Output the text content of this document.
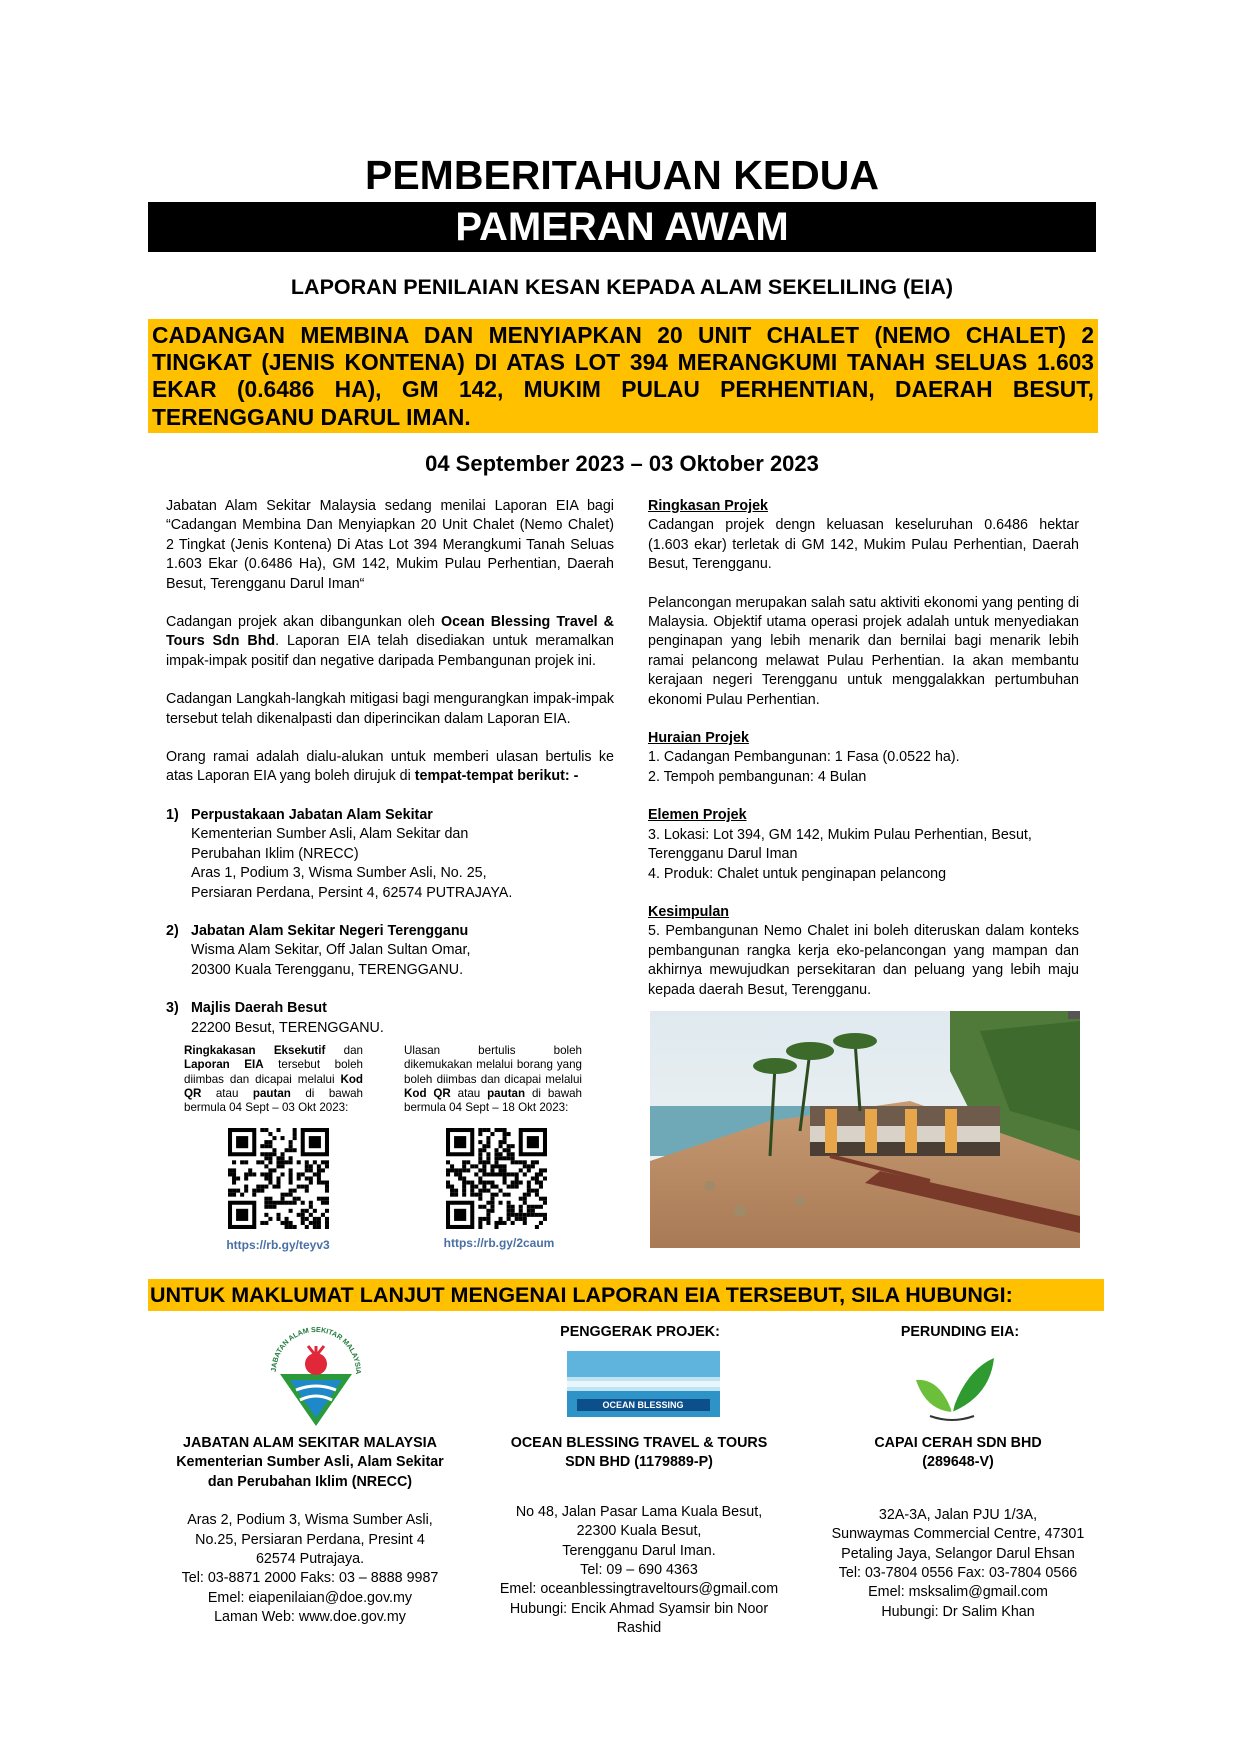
PEMBERITAHUAN KEDUA
PAMERAN AWAM
LAPORAN PENILAIAN KESAN KEPADA ALAM SEKELILING (EIA)
CADANGAN MEMBINA DAN MENYIAPKAN 20 UNIT CHALET (NEMO CHALET) 2 TINGKAT (JENIS KONTENA) DI ATAS LOT 394 MERANGKUMI TANAH SELUAS 1.603 EKAR (0.6486 HA), GM 142, MUKIM PULAU PERHENTIAN, DAERAH BESUT, TERENGGANU DARUL IMAN.
04 September 2023 – 03 Oktober 2023

Jabatan Alam Sekitar Malaysia sedang menilai Laporan EIA bagi “Cadangan Membina Dan Menyiapkan 20 Unit Chalet (Nemo Chalet) 2 Tingkat (Jenis Kontena) Di Atas Lot 394 Merangkumi Tanah Seluas 1.603 Ekar (0.6486 Ha), GM 142, Mukim Pulau Perhentian, Daerah Besut, Terengganu Darul Iman“

Cadangan projek akan dibangunkan oleh Ocean Blessing Travel & Tours Sdn Bhd. Laporan EIA telah disediakan untuk meramalkan impak-impak positif dan negative daripada Pembangunan projek ini.

Cadangan Langkah-langkah mitigasi bagi mengurangkan impak-impak tersebut telah dikenalpasti dan diperincikan dalam Laporan EIA.

Orang ramai adalah dialu-alukan untuk memberi ulasan bertulis ke atas Laporan EIA yang boleh dirujuk di tempat-tempat berikut: -

1) Perpustakaan Jabatan Alam Sekitar
Kementerian Sumber Asli, Alam Sekitar dan
Perubahan Iklim (NRECC)
Aras 1, Podium 3, Wisma Sumber Asli, No. 25,
Persiaran Perdana, Persint 4, 62574 PUTRAJAYA.
2) Jabatan Alam Sekitar Negeri Terengganu
Wisma Alam Sekitar, Off Jalan Sultan Omar,
20300 Kuala Terengganu, TERENGGANU.
3) Majlis Daerah Besut
22200 Besut, TERENGGANU.
Ringkakasan Eksekutif dan Laporan EIA tersebut boleh diimbas dan dicapai melalui Kod QR atau pautan di bawah bermula 04 Sept – 03 Okt 2023:
Ulasan bertulis boleh dikemukakan melalui borang yang boleh diimbas dan dicapai melalui Kod QR atau pautan di bawah bermula 04 Sept – 18 Okt 2023:
https://rb.gy/teyv3	https://rb.gy/2caum
Ringkasan Projek

Cadangan projek dengn keluasan keseluruhan 0.6486 hektar (1.603 ekar) terletak di GM 142, Mukim Pulau Perhentian, Daerah Besut, Terengganu.

Pelancongan merupakan salah satu aktiviti ekonomi yang penting di Malaysia. Objektif utama operasi projek adalah untuk menyediakan penginapan yang lebih menarik dan bernilai bagi menarik lebih ramai pelancong melawat Pulau Perhentian. Ia akan membantu kerajaan negeri Terengganu untuk menggalakkan pertumbuhan ekonomi Pulau Perhentian.
Huraian Projek
1. Cadangan Pembangunan: 1 Fasa (0.0522 ha).
2. Tempoh pembangunan: 4 Bulan
Elemen Projek
3. Lokasi: Lot 394, GM 142, Mukim Pulau Perhentian, Besut,
Terengganu Darul Iman
4. Produk: Chalet untuk penginapan pelancong
Kesimpulan

5. Pembangunan Nemo Chalet ini boleh diteruskan dalam konteks pembangunan rangka kerja eko-pelancongan yang mampan dan akhirnya mewujudkan persekitaran dan peluang yang lebih maju kepada daerah Besut, Terengganu.

UNTUK MAKLUMAT LANJUT MENGENAI LAPORAN EIA TERSEBUT, SILA HUBUNGI:
PENGGERAK PROJEK:	PERUNDING EIA:
JABATAN ALAM SEKITAR MALAYSIA
OCEAN BLESSING
JABATAN ALAM SEKITAR MALAYSIA
Kementerian Sumber Asli, Alam Sekitar
dan Perubahan Iklim (NRECC)
Aras 2, Podium 3, Wisma Sumber Asli,
No.25, Persiaran Perdana, Presint 4
62574 Putrajaya.
Tel: 03-8871 2000 Faks: 03 – 8888 9987
Emel: eiapenilaian@doe.gov.my
Laman Web: www.doe.gov.my
OCEAN BLESSING TRAVEL & TOURS
SDN BHD (1179889-P)
No 48, Jalan Pasar Lama Kuala Besut,
22300 Kuala Besut,
Terengganu Darul Iman.
Tel: 09 – 690 4363
Emel: oceanblessingtraveltours@gmail.com
Hubungi: Encik Ahmad Syamsir bin Noor
Rashid
CAPAI CERAH SDN BHD
(289648-V)
32A-3A, Jalan PJU 1/3A,
Sunwaymas Commercial Centre, 47301
Petaling Jaya, Selangor Darul Ehsan
Tel: 03-7804 0556 Fax: 03-7804 0566
Emel: msksalim@gmail.com
Hubungi: Dr Salim Khan
